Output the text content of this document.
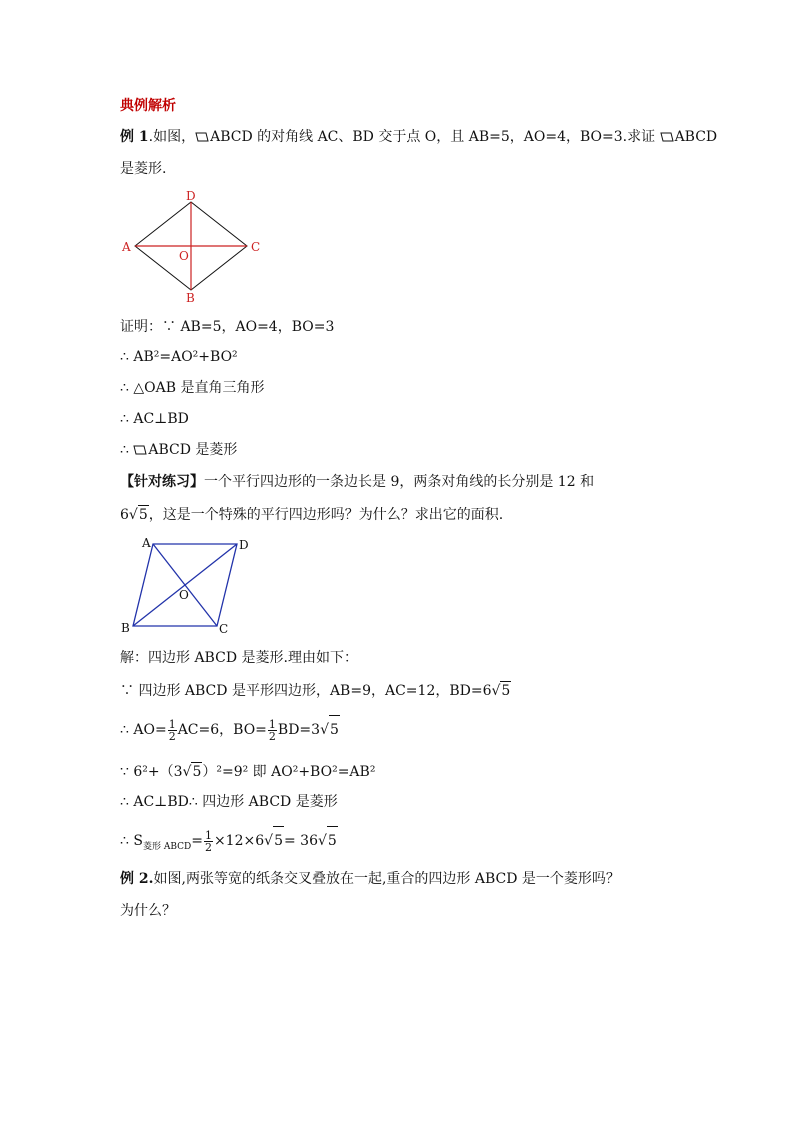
典例解析
例 1.如图， ABCD 的对角线 AC、BD 交于点 O，且 AB=5，AO=4，BO=3.求证
ABCD
是菱形.
A
D
C
B
O
证明：∵ AB=5，AO=4，BO=3
∴ AB²=AO²+BO²
∴ △OAB 是直角三角形
∴ AC⊥BD
∴
ABCD 是菱形
【针对练习】一个平行四边形的一条边长是 9，两条对角线的长分别是 12 和
6√5，这是一个特殊的平行四边形吗？为什么？求出它的面积.
A	D
B	C
O
解：四边形 ABCD 是菱形.理由如下：
∵ 四边形 ABCD 是平形四边形，AB=9，AC=12，BD=6√5
∴ $AO= \frac{1}{2} AC=6$，$BO= \frac{1}{2} BD=3√5$
∵ 6²+（3√5）²=9² 即 AO²+BO²=AB²
∴ AC⊥BD∴ 四边形 ABCD 是菱形
∴ $S_{菱形 ABCD}= \frac{1}{2} \times 12\times 6√5= 36√5$
例 2.如图,两张等宽的纸条交叉叠放在一起,重合的四边形 ABCD 是一个菱形吗？
为什么？
